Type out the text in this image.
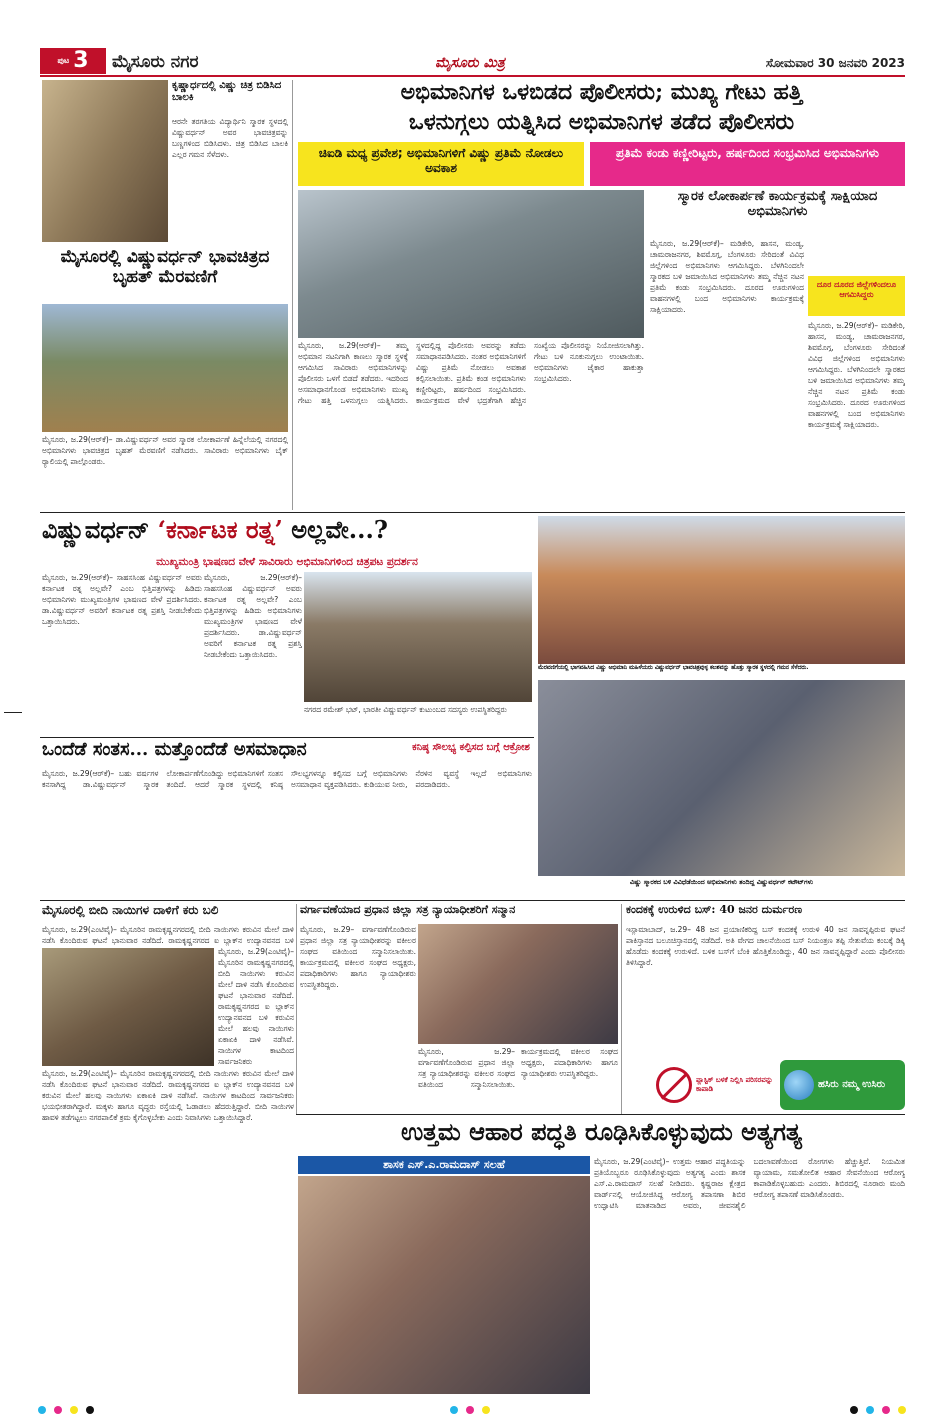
ಪುಟ 3 ಮೈಸೂರು ನಗರ	ಮೈಸೂರು ಮಿತ್ರ	ಸೋಮವಾರ 30 ಜನವರಿ 2023
ಕೃಷ್ಣಾರ್ಧದಲ್ಲಿ ವಿಷ್ಣು ಚಿತ್ರ ಬಿಡಿಸಿದ ಬಾಲಕಿ
ಆರನೇ ತರಗತಿಯ ವಿದ್ಯಾರ್ಥಿನಿ ಸ್ಮಾರಕ ಸ್ಥಳದಲ್ಲಿ ವಿಷ್ಣುವರ್ಧನ್ ಅವರ ಭಾವಚಿತ್ರವನ್ನು ಬಣ್ಣಗಳಿಂದ ಬಿಡಿಸಿದಳು. ಚಿತ್ರ ಬಿಡಿಸಿದ ಬಾಲಕಿ ಎಲ್ಲರ ಗಮನ ಸೆಳೆದಳು.
ಮೈಸೂರಲ್ಲಿ ವಿಷ್ಣುವರ್ಧನ್ ಭಾವಚಿತ್ರದ ಬೃಹತ್ ಮೆರವಣಿಗೆ
ಮೈಸೂರು, ಜ.29(ಆರ್‌ಕೆ)– ಡಾ.ವಿಷ್ಣುವರ್ಧನ್ ಅವರ ಸ್ಮಾರಕ ಲೋಕಾರ್ಪಣೆ ಹಿನ್ನೆಲೆಯಲ್ಲಿ ನಗರದಲ್ಲಿ ಅಭಿಮಾನಿಗಳು ಭಾವಚಿತ್ರದ ಬೃಹತ್ ಮೆರವಣಿಗೆ ನಡೆಸಿದರು. ಸಾವಿರಾರು ಅಭಿಮಾನಿಗಳು ಬೈಕ್ ರ‍್ಯಾಲಿಯಲ್ಲಿ ಪಾಲ್ಗೊಂಡರು.
ಅಭಿಮಾನಿಗಳ ಒಳಬಿಡದ ಪೊಲೀಸರು; ಮುಖ್ಯ ಗೇಟು ಹತ್ತಿ
ಒಳನುಗ್ಗಲು ಯತ್ನಿಸಿದ ಅಭಿಮಾನಿಗಳ ತಡೆದ ಪೊಲೀಸರು
ಚಿಐಡಿ ಮಧ್ಯ ಪ್ರವೇಶ; ಅಭಿಮಾನಿಗಳಿಗೆ ವಿಷ್ಣು ಪ್ರತಿಮೆ ನೋಡಲು ಅವಕಾಶ
ಪ್ರತಿಮೆ ಕಂಡು ಕಣ್ಣೀರಿಟ್ಟರು, ಹರ್ಷದಿಂದ ಸಂಭ್ರಮಿಸಿದ ಅಭಿಮಾನಿಗಳು
ಮೈಸೂರು, ಜ.29(ಆರ್‌ಕೆ)– ತಮ್ಮ ಅಭಿಮಾನ ನಟನಿಗಾಗಿ ಕಾಣಲು ಸ್ಮಾರಕ ಸ್ಥಳಕ್ಕೆ ಆಗಮಿಸಿದ ಸಾವಿರಾರು ಅಭಿಮಾನಿಗಳನ್ನು ಪೊಲೀಸರು ಒಳಗೆ ಬಿಡದೆ ತಡೆದರು. ಇದರಿಂದ ಅಸಮಾಧಾನಗೊಂಡ ಅಭಿಮಾನಿಗಳು ಮುಖ್ಯ ಗೇಟು ಹತ್ತಿ ಒಳನುಗ್ಗಲು ಯತ್ನಿಸಿದರು. ಸ್ಥಳದಲ್ಲಿದ್ದ ಪೊಲೀಸರು ಅವರನ್ನು ತಡೆದು ಸಮಾಧಾನಪಡಿಸಿದರು. ನಂತರ ಅಭಿಮಾನಿಗಳಿಗೆ ವಿಷ್ಣು ಪ್ರತಿಮೆ ನೋಡಲು ಅವಕಾಶ ಕಲ್ಪಿಸಲಾಯಿತು. ಪ್ರತಿಮೆ ಕಂಡ ಅಭಿಮಾನಿಗಳು ಕಣ್ಣೀರಿಟ್ಟರು, ಹರ್ಷದಿಂದ ಸಂಭ್ರಮಿಸಿದರು. ಕಾರ್ಯಕ್ರಮದ ವೇಳೆ ಭದ್ರತೆಗಾಗಿ ಹೆಚ್ಚಿನ ಸಂಖ್ಯೆಯ ಪೊಲೀಸರನ್ನು ನಿಯೋಜಿಸಲಾಗಿತ್ತು. ಗೇಟು ಬಳಿ ನೂಕುನುಗ್ಗಲು ಉಂಟಾಯಿತು. ಅಭಿಮಾನಿಗಳು ಜೈಕಾರ ಹಾಕುತ್ತಾ ಸಂಭ್ರಮಿಸಿದರು.
ಸ್ಮಾರಕ ಲೋಕಾರ್ಪಣೆ ಕಾರ್ಯಕ್ರಮಕ್ಕೆ ಸಾಕ್ಷಿಯಾದ ಅಭಿಮಾನಿಗಳು
ದೂರ ದೂರದ ಜಿಲ್ಲೆಗಳಿಂದಲೂ ಆಗಮಿಸಿದ್ದರು
ಮೈಸೂರು, ಜ.29(ಆರ್‌ಕೆ)– ಮಡಿಕೇರಿ, ಹಾಸನ, ಮಂಡ್ಯ, ಚಾಮರಾಜನಗರ, ಶಿವಮೊಗ್ಗ, ಬೆಂಗಳೂರು ಸೇರಿದಂತೆ ವಿವಿಧ ಜಿಲ್ಲೆಗಳಿಂದ ಅಭಿಮಾನಿಗಳು ಆಗಮಿಸಿದ್ದರು. ಬೆಳಗಿನಿಂದಲೇ ಸ್ಮಾರಕದ ಬಳಿ ಜಮಾಯಿಸಿದ ಅಭಿಮಾನಿಗಳು ತಮ್ಮ ನೆಚ್ಚಿನ ನಟನ ಪ್ರತಿಮೆ ಕಂಡು ಸಂಭ್ರಮಿಸಿದರು. ದೂರದ ಊರುಗಳಿಂದ ವಾಹನಗಳಲ್ಲಿ ಬಂದ ಅಭಿಮಾನಿಗಳು ಕಾರ್ಯಕ್ರಮಕ್ಕೆ ಸಾಕ್ಷಿಯಾದರು.
ಮೈಸೂರು, ಜ.29(ಆರ್‌ಕೆ)– ಮಡಿಕೇರಿ, ಹಾಸನ, ಮಂಡ್ಯ, ಚಾಮರಾಜನಗರ, ಶಿವಮೊಗ್ಗ, ಬೆಂಗಳೂರು ಸೇರಿದಂತೆ ವಿವಿಧ ಜಿಲ್ಲೆಗಳಿಂದ ಅಭಿಮಾನಿಗಳು ಆಗಮಿಸಿದ್ದರು. ಬೆಳಗಿನಿಂದಲೇ ಸ್ಮಾರಕದ ಬಳಿ ಜಮಾಯಿಸಿದ ಅಭಿಮಾನಿಗಳು ತಮ್ಮ ನೆಚ್ಚಿನ ನಟನ ಪ್ರತಿಮೆ ಕಂಡು ಸಂಭ್ರಮಿಸಿದರು. ದೂರದ ಊರುಗಳಿಂದ ವಾಹನಗಳಲ್ಲಿ ಬಂದ ಅಭಿಮಾನಿಗಳು ಕಾರ್ಯಕ್ರಮಕ್ಕೆ ಸಾಕ್ಷಿಯಾದರು.
ವಿಷ್ಣುವರ್ಧನ್ ‘ಕರ್ನಾಟಕ ರತ್ನ’ ಅಲ್ಲವೇ...?
ಮುಖ್ಯಮಂತ್ರಿ ಭಾಷಣದ ವೇಳೆ ಸಾವಿರಾರು ಅಭಿಮಾನಿಗಳಿಂದ ಚಿತ್ರಪಟ ಪ್ರದರ್ಶನ
ಮೈಸೂರು, ಜ.29(ಆರ್‌ಕೆ)– ಸಾಹಸಸಿಂಹ ವಿಷ್ಣುವರ್ಧನ್ ಅವರು ಕರ್ನಾಟಕ ರತ್ನ ಅಲ್ಲವೇ? ಎಂಬ ಭಿತ್ತಿಪತ್ರಗಳನ್ನು ಹಿಡಿದು ಅಭಿಮಾನಿಗಳು ಮುಖ್ಯಮಂತ್ರಿಗಳ ಭಾಷಣದ ವೇಳೆ ಪ್ರದರ್ಶಿಸಿದರು. ಡಾ.ವಿಷ್ಣುವರ್ಧನ್ ಅವರಿಗೆ ಕರ್ನಾಟಕ ರತ್ನ ಪ್ರಶಸ್ತಿ ನೀಡಬೇಕೆಂದು ಒತ್ತಾಯಿಸಿದರು.
ಮೈಸೂರು, ಜ.29(ಆರ್‌ಕೆ)– ಸಾಹಸಸಿಂಹ ವಿಷ್ಣುವರ್ಧನ್ ಅವರು ಕರ್ನಾಟಕ ರತ್ನ ಅಲ್ಲವೇ? ಎಂಬ ಭಿತ್ತಿಪತ್ರಗಳನ್ನು ಹಿಡಿದು ಅಭಿಮಾನಿಗಳು ಮುಖ್ಯಮಂತ್ರಿಗಳ ಭಾಷಣದ ವೇಳೆ ಪ್ರದರ್ಶಿಸಿದರು. ಡಾ.ವಿಷ್ಣುವರ್ಧನ್ ಅವರಿಗೆ ಕರ್ನಾಟಕ ರತ್ನ ಪ್ರಶಸ್ತಿ ನೀಡಬೇಕೆಂದು ಒತ್ತಾಯಿಸಿದರು.
ನಗರದ ರಮೇಶ್ ಭಟ್, ಭಾರತೀ ವಿಷ್ಣುವರ್ಧನ್ ಕುಟುಂಬದ ಸದಸ್ಯರು ಉಪಸ್ಥಿತರಿದ್ದರು
ಮೆರವಣಿಗೆಯಲ್ಲಿ ಭಾಗವಹಿಸಿದ ವಿಷ್ಣು ಅಭಿಮಾನಿ ಮಹಿಳೆಯರು ವಿಷ್ಣುವರ್ಧನ್ ಭಾವಚಿತ್ರವುಳ್ಳ ಕಲಶವನ್ನು ಹೊತ್ತು ಸ್ಮಾರಕ ಸ್ಥಳದಲ್ಲಿ ಗಮನ ಸೆಳೆದರು.
ವಿಷ್ಣು ಸ್ಮಾರಕದ ಬಳಿ ವಿವಿಧೆಡೆಯಿಂದ ಅಭಿಮಾನಿಗಳು ತಂದಿದ್ದ ವಿಷ್ಣುವರ್ಧನ್ ಕಟೌಟ್‌ಗಳು
ಒಂದೆಡೆ ಸಂತಸ... ಮತ್ತೊಂದೆಡೆ ಅಸಮಾಧಾನ	ಕನಿಷ್ಠ ಸೌಲಭ್ಯ ಕಲ್ಪಿಸದ ಬಗ್ಗೆ ಆಕ್ರೋಶ
ಮೈಸೂರು, ಜ.29(ಆರ್‌ಕೆ)– ಬಹು ವರ್ಷಗಳ ಕನಸಾಗಿದ್ದ ಡಾ.ವಿಷ್ಣುವರ್ಧನ್ ಸ್ಮಾರಕ ಲೋಕಾರ್ಪಣೆಗೊಂಡಿದ್ದು ಅಭಿಮಾನಿಗಳಿಗೆ ಸಂತಸ ತಂದಿದೆ. ಆದರೆ ಸ್ಮಾರಕ ಸ್ಥಳದಲ್ಲಿ ಕನಿಷ್ಠ ಸೌಲಭ್ಯಗಳನ್ನೂ ಕಲ್ಪಿಸದ ಬಗ್ಗೆ ಅಭಿಮಾನಿಗಳು ಅಸಮಾಧಾನ ವ್ಯಕ್ತಪಡಿಸಿದರು. ಕುಡಿಯುವ ನೀರು, ನೆರಳಿನ ವ್ಯವಸ್ಥೆ ಇಲ್ಲದೆ ಅಭಿಮಾನಿಗಳು ಪರದಾಡಿದರು.
ಮೈಸೂರಲ್ಲಿ ಬೀದಿ ನಾಯಿಗಳ ದಾಳಿಗೆ ಕರು ಬಲಿ
ಮೈಸೂರು, ಜ.29(ಎಂಟಿವೈ)– ಮೈಸೂರಿನ ರಾಮಕೃಷ್ಣನಗರದಲ್ಲಿ ಬೀದಿ ನಾಯಿಗಳು ಕರುವಿನ ಮೇಲೆ ದಾಳಿ ನಡೆಸಿ ಕೊಂದಿರುವ ಘಟನೆ ಭಾನುವಾರ ನಡೆದಿದೆ. ರಾಮಕೃಷ್ಣನಗರದ ಐ ಬ್ಲಾಕ್‌ನ ಉದ್ಯಾನವನದ ಬಳಿ
ಮೈಸೂರು, ಜ.29(ಎಂಟಿವೈ)– ಮೈಸೂರಿನ ರಾಮಕೃಷ್ಣನಗರದಲ್ಲಿ ಬೀದಿ ನಾಯಿಗಳು ಕರುವಿನ ಮೇಲೆ ದಾಳಿ ನಡೆಸಿ ಕೊಂದಿರುವ ಘಟನೆ ಭಾನುವಾರ ನಡೆದಿದೆ. ರಾಮಕೃಷ್ಣನಗರದ ಐ ಬ್ಲಾಕ್‌ನ ಉದ್ಯಾನವನದ ಬಳಿ ಕರುವಿನ ಮೇಲೆ ಹಲವು ನಾಯಿಗಳು ಏಕಾಏಕಿ ದಾಳಿ ನಡೆಸಿವೆ. ನಾಯಿಗಳ ಕಾಟದಿಂದ ಸಾರ್ವಜನಿಕರು
ಮೈಸೂರು, ಜ.29(ಎಂಟಿವೈ)– ಮೈಸೂರಿನ ರಾಮಕೃಷ್ಣನಗರದಲ್ಲಿ ಬೀದಿ ನಾಯಿಗಳು ಕರುವಿನ ಮೇಲೆ ದಾಳಿ ನಡೆಸಿ ಕೊಂದಿರುವ ಘಟನೆ ಭಾನುವಾರ ನಡೆದಿದೆ. ರಾಮಕೃಷ್ಣನಗರದ ಐ ಬ್ಲಾಕ್‌ನ ಉದ್ಯಾನವನದ ಬಳಿ ಕರುವಿನ ಮೇಲೆ ಹಲವು ನಾಯಿಗಳು ಏಕಾಏಕಿ ದಾಳಿ ನಡೆಸಿವೆ. ನಾಯಿಗಳ ಕಾಟದಿಂದ ಸಾರ್ವಜನಿಕರು ಭಯಭೀತರಾಗಿದ್ದಾರೆ. ಮಕ್ಕಳು ಹಾಗೂ ವೃದ್ಧರು ರಸ್ತೆಯಲ್ಲಿ ಓಡಾಡಲು ಹೆದರುತ್ತಿದ್ದಾರೆ. ಬೀದಿ ನಾಯಿಗಳ ಹಾವಳಿ ತಡೆಗಟ್ಟಲು ನಗರಪಾಲಿಕೆ ಕ್ರಮ ಕೈಗೊಳ್ಳಬೇಕು ಎಂದು ನಿವಾಸಿಗಳು ಒತ್ತಾಯಿಸಿದ್ದಾರೆ.
ವರ್ಗಾವಣೆಯಾದ ಪ್ರಧಾನ ಜಿಲ್ಲಾ ಸತ್ರ ನ್ಯಾಯಾಧೀಶರಿಗೆ ಸನ್ಮಾನ
ಮೈಸೂರು, ಜ.29– ವರ್ಗಾವಣೆಗೊಂಡಿರುವ ಪ್ರಧಾನ ಜಿಲ್ಲಾ ಸತ್ರ ನ್ಯಾಯಾಧೀಶರನ್ನು ವಕೀಲರ ಸಂಘದ ವತಿಯಿಂದ ಸನ್ಮಾನಿಸಲಾಯಿತು. ಕಾರ್ಯಕ್ರಮದಲ್ಲಿ ವಕೀಲರ ಸಂಘದ ಅಧ್ಯಕ್ಷರು, ಪದಾಧಿಕಾರಿಗಳು ಹಾಗೂ ನ್ಯಾಯಾಧೀಶರು ಉಪಸ್ಥಿತರಿದ್ದರು.
ಮೈಸೂರು, ಜ.29– ವರ್ಗಾವಣೆಗೊಂಡಿರುವ ಪ್ರಧಾನ ಜಿಲ್ಲಾ ಸತ್ರ ನ್ಯಾಯಾಧೀಶರನ್ನು ವಕೀಲರ ಸಂಘದ ವತಿಯಿಂದ ಸನ್ಮಾನಿಸಲಾಯಿತು. ಕಾರ್ಯಕ್ರಮದಲ್ಲಿ ವಕೀಲರ ಸಂಘದ ಅಧ್ಯಕ್ಷರು, ಪದಾಧಿಕಾರಿಗಳು ಹಾಗೂ ನ್ಯಾಯಾಧೀಶರು ಉಪಸ್ಥಿತರಿದ್ದರು.
ಕಂದಕಕ್ಕೆ ಉರುಳಿದ ಬಸ್: 40 ಜನರ ದುರ್ಮರಣ
ಇಸ್ಲಾಮಾಬಾದ್, ಜ.29– 48 ಜನ ಪ್ರಯಾಣಿಕರಿದ್ದ ಬಸ್ ಕಂದಕಕ್ಕೆ ಉರುಳಿ 40 ಜನ ಸಾವನ್ನಪ್ಪಿರುವ ಘಟನೆ ಪಾಕಿಸ್ತಾನದ ಬಲೂಚಿಸ್ತಾನದಲ್ಲಿ ನಡೆದಿದೆ. ಅತಿ ವೇಗದ ಚಾಲನೆಯಿಂದ ಬಸ್ ನಿಯಂತ್ರಣ ತಪ್ಪಿ ಸೇತುವೆಯ ಕಂಬಕ್ಕೆ ಡಿಕ್ಕಿ ಹೊಡೆದು ಕಂದಕಕ್ಕೆ ಉರುಳಿದೆ. ಬಳಿಕ ಬಸ್‌ಗೆ ಬೆಂಕಿ ಹೊತ್ತಿಕೊಂಡಿದ್ದು, 40 ಜನ ಸಾವನ್ನಪ್ಪಿದ್ದಾರೆ ಎಂದು ಪೊಲೀಸರು ತಿಳಿಸಿದ್ದಾರೆ.
ಪ್ಲಾಸ್ಟಿಕ್ ಬಳಕೆ ನಿಲ್ಲಿಸಿ ಪರಿಸರವನ್ನು ಕಾಪಾಡಿ	ಹಸಿರು ನಮ್ಮ ಉಸಿರು
ಉತ್ತಮ ಆಹಾರ ಪದ್ಧತಿ ರೂಢಿಸಿಕೊಳ್ಳುವುದು ಅತ್ಯಗತ್ಯ
ಶಾಸಕ ಎಸ್.ಎ.ರಾಮದಾಸ್ ಸಲಹೆ	ಮೈಸೂರು, ಜ.29(ಎಂಟಿವೈ)– ಉತ್ತಮ ಆಹಾರ ಪದ್ಧತಿಯನ್ನು ಪ್ರತಿಯೊಬ್ಬರೂ ರೂಢಿಸಿಕೊಳ್ಳುವುದು ಅತ್ಯಗತ್ಯ ಎಂದು ಶಾಸಕ ಎಸ್.ಎ.ರಾಮದಾಸ್ ಸಲಹೆ ನೀಡಿದರು. ಕೃಷ್ಣರಾಜ ಕ್ಷೇತ್ರದ ವಾರ್ಡ್‌ನಲ್ಲಿ ಆಯೋಜಿಸಿದ್ದ ಆರೋಗ್ಯ ತಪಾಸಣಾ ಶಿಬಿರ ಉದ್ಘಾಟಿಸಿ ಮಾತನಾಡಿದ ಅವರು, ಜೀವನಶೈಲಿ ಬದಲಾವಣೆಯಿಂದ ರೋಗಗಳು ಹೆಚ್ಚುತ್ತಿವೆ. ನಿಯಮಿತ ವ್ಯಾಯಾಮ, ಸಮತೋಲಿತ ಆಹಾರ ಸೇವನೆಯಿಂದ ಆರೋಗ್ಯ ಕಾಪಾಡಿಕೊಳ್ಳಬಹುದು ಎಂದರು. ಶಿಬಿರದಲ್ಲಿ ನೂರಾರು ಮಂದಿ ಆರೋಗ್ಯ ತಪಾಸಣೆ ಮಾಡಿಸಿಕೊಂಡರು.
